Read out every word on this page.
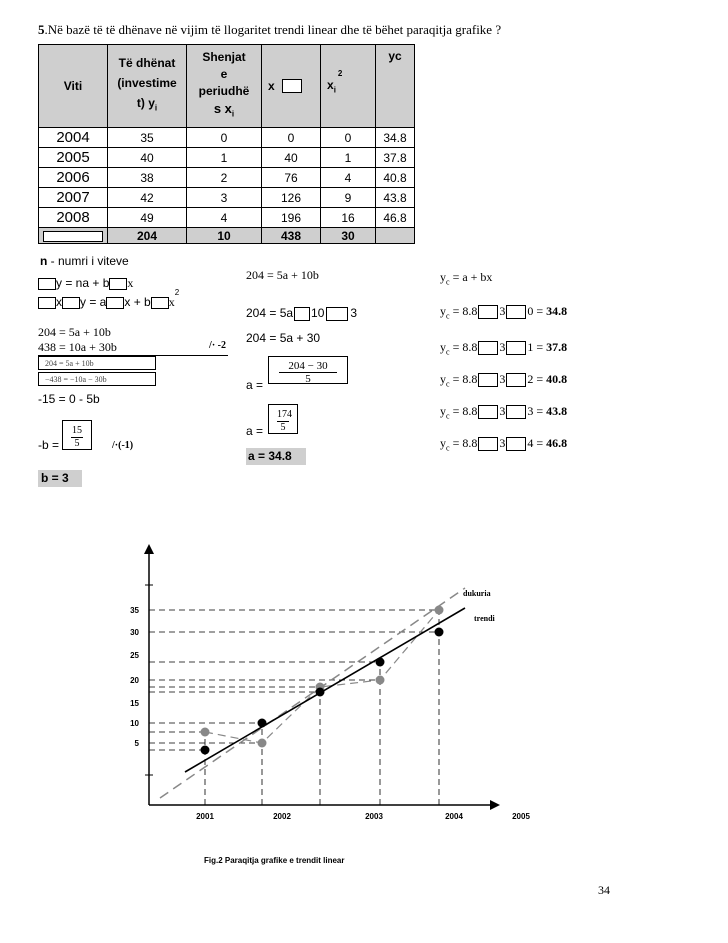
5.Në bazë të të dhënave në vijim të llogaritet trendi linear dhe të bëhet paraqitja grafike ?
Viti	Të dhënat
(investime
t) $y_i$	Shenjat
e
periudhë
s $x_i$	x	$x_i^2$	yc
2004	35	0	0	0	34.8
2005	40	1	40	1	37.8
2006	38	2	76	4	40.8
2007	42	3	126	9	43.8
2008	49	4	196	16	46.8
	204	10	438	30	
n - numri i viteve
y = na + b x
x y = a x + b $x^2$
204 = 5a + 10b
438 = 10a + 30b	/· -2
204 = 5a + 10b
−438 = −10a − 30b
-15 = 0 - 5b
$-b = \frac{15}{5} /\cdot(-1)$
b = 3
204 = 5a + 10b
204 = 5a 10 3
204 = 5a + 30
a =
$\frac{204 - 30}{5}$
$a = \frac{174}{5}$
a = 34.8
$y_c = a$ + bx
$y_c = 8.8$ 3 0 = 34.8
$y_c = 8.8$ 3 1 = 37.8
$y_c = 8.8$ 3 2 = 40.8
$y_c = 8.8$ 3 3 = 43.8
$y_c = 8.8$ 3 4 = 46.8
5
10
15
20
25
30
35
2001	2002	2003	2004	2005
dukuria
trendi
Fig.2 Paraqitja grafike e trendit linear
34
